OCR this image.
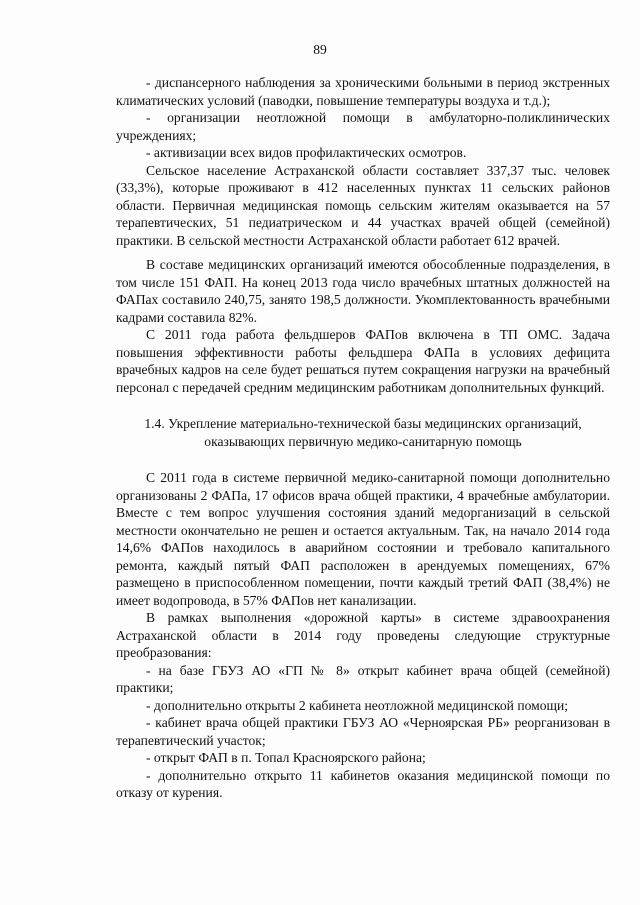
89

- диспансерного наблюдения за хроническими больными в период экстренных климатических условий (паводки, повышение температуры воздуха и т.д.);

- организации неотложной помощи в амбулаторно-поликлинических учреждениях;

- активизации всех видов профилактических осмотров.

Сельское население Астраханской области составляет 337,37 тыс. человек (33,3%), которые проживают в 412 населенных пунктах 11 сельских районов области. Первичная медицинская помощь сельским жителям оказывается на 57 терапевтических, 51 педиатрическом и 44 участках врачей общей (семейной) практики. В сельской местности Астраханской области работает 612 врачей.

В составе медицинских организаций имеются обособленные подразделения, в том числе 151 ФАП. На конец 2013 года число врачебных штатных должностей на ФАПах составило 240,75, занято 198,5 должности. Укомплектованность врачебными кадрами составила 82%.

С 2011 года работа фельдшеров ФАПов включена в ТП ОМС. Задача повышения эффективности работы фельдшера ФАПа в условиях дефицита врачебных кадров на селе будет решаться путем сокращения нагрузки на врачебный персонал с передачей средним медицинским работникам дополнительных функций.

1.4. Укрепление материально-технической базы медицинских организаций, оказывающих первичную медико-санитарную помощь

С 2011 года в системе первичной медико-санитарной помощи дополнительно организованы 2 ФАПа, 17 офисов врача общей практики, 4 врачебные амбулатории. Вместе с тем вопрос улучшения состояния зданий медорганизаций в сельской местности окончательно не решен и остается актуальным. Так, на начало 2014 года 14,6% ФАПов находилось в аварийном состоянии и требовало капитального ремонта, каждый пятый ФАП расположен в арендуемых помещениях, 67% размещено в приспособленном помещении, почти каждый третий ФАП (38,4%) не имеет водопровода, в 57% ФАПов нет канализации.

В рамках выполнения «дорожной карты» в системе здравоохранения Астраханской области в 2014 году проведены следующие структурные преобразования:

- на базе ГБУЗ АО «ГП № 8» открыт кабинет врача общей (семейной) практики;

- дополнительно открыты 2 кабинета неотложной медицинской помощи;

- кабинет врача общей практики ГБУЗ АО «Черноярская РБ» реорганизован в терапевтический участок;

- открыт ФАП в п. Топал Красноярского района;

- дополнительно открыто 11 кабинетов оказания медицинской помощи по отказу от курения.
